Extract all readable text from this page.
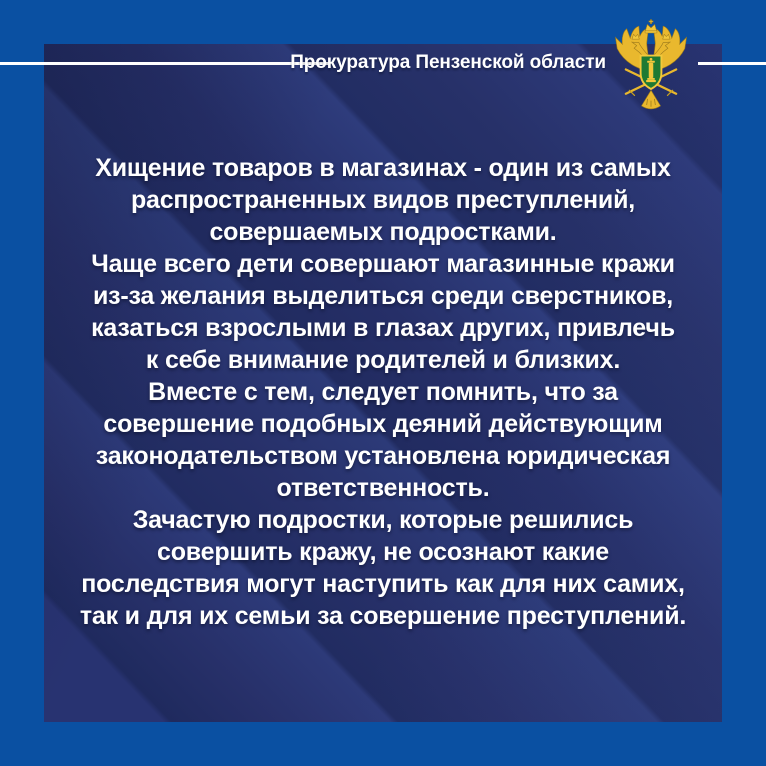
Прокуратура Пензенской области
Хищение товаров в магазинах - один из самых
распространенных видов преступлений,
совершаемых подростками.
Чаще всего дети совершают магазинные кражи
из-за желания выделиться среди сверстников,
казаться взрослыми в глазах других, привлечь
к себе внимание родителей и близких.
Вместе с тем, следует помнить, что за
совершение подобных деяний действующим
законодательством установлена юридическая
ответственность.
Зачастую подростки, которые решились
совершить кражу, не осознают какие
последствия могут наступить как для них самих,
так и для их семьи за совершение преступлений.
